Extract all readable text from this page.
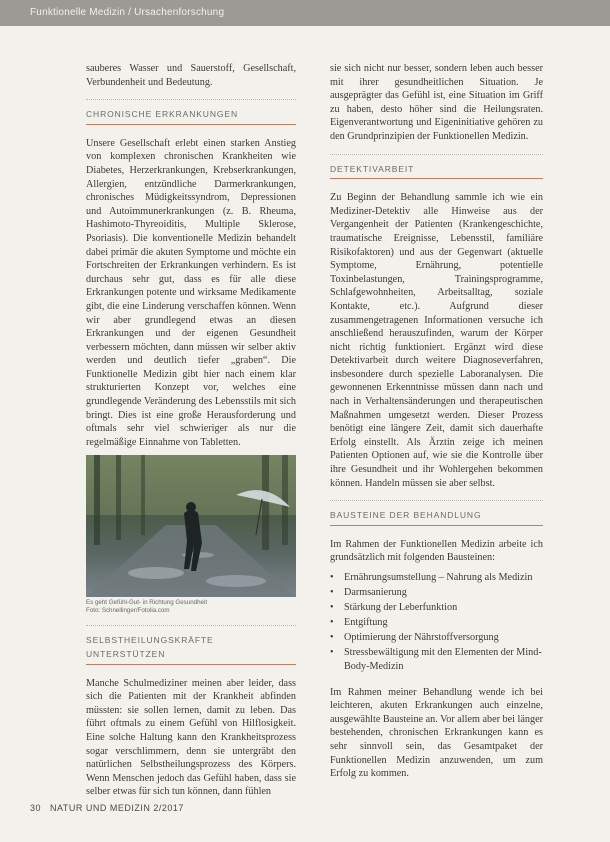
Funktionelle Medizin / Ursachenforschung

saubereѕ Wasser und Sauerstoff, Gesellschaft, Verbundenheit und Bedeutung.

CHRONISCHE ERKRANKUNGEN

Unsere Gesellschaft erlebt einen starken Anstieg von komplexen chronischen Krankheiten wie Diabetes, Herzerkrankungen, Krebserkrankungen, Allergien, entzündliche Darmerkrankungen, chronisches Müdigkeitssyndrom, Depressionen und Autoimmunerkrankungen (z. B. Rheuma, Hashimoto-Thyreoiditis, Multiple Sklerose, Psoriasis). Die konventionelle Medizin behandelt dabei primär die akuten Symptome und möchte ein Fortschreiten der Erkrankungen verhindern. Es ist durchaus sehr gut, dass es für alle diese Erkrankungen potente und wirksame Medikamente gibt, die eine Linderung verschaffen können. Wenn wir aber grundlegend etwas an diesen Erkrankungen und der eigenen Gesundheit verbessern möchten, dann müssen wir selber aktiv werden und deutlich tiefer „graben“. Die Funktionelle Medizin gibt hier nach einem klar strukturierten Konzept vor, welches eine grundlegende Veränderung des Lebensstils mit sich bringt. Dies ist eine große Herausforderung und oftmals sehr viel schwieriger als nur die regelmäßige Einnahme von Tabletten.

Es geht Gefühl-Gut- in Richtung Gesundheit
Foto: Schnellinger/Fotolia.com
SELBSTHEILUNGSKRÄFTE UNTERSTÜTZEN

Manche Schulmediziner meinen aber leider, dass sich die Patienten mit der Krankheit abfinden müssten: sie sollen lernen, damit zu leben. Das führt oftmals zu einem Gefühl von Hilflosigkeit. Eine solche Haltung kann den Krankheitsprozess sogar verschlimmern, denn sie untergräbt den natürlichen Selbstheilungsprozess des Körpers. Wenn Menschen jedoch das Gefühl haben, dass sie selber etwas für sich tun können, dann fühlen

sie sich nicht nur besser, sondern leben auch besser mit ihrer gesundheitlichen Situation. Je ausgeprägter das Gefühl ist, eine Situation im Griff zu haben, desto höher sind die Heilungsraten. Eigenverantwortung und Eigeninitiative gehören zu den Grundprinzipien der Funktionellen Medizin.

DETEKTIVARBEIT

Zu Beginn der Behandlung sammle ich wie ein Mediziner-Detektiv alle Hinweise aus der Vergangenheit der Patienten (Krankengeschichte, traumatische Ereignisse, Lebensstil, familiäre Risikofaktoren) und aus der Gegenwart (aktuelle Symptome, Ernährung, potentielle Toxinbelastungen, Trainingsprogramme, Schlafgewohnheiten, Arbeitsalltag, soziale Kontakte, etc.). Aufgrund dieser zusammengetragenen Informationen versuche ich anschließend herauszufinden, warum der Körper nicht richtig funktioniert. Ergänzt wird diese Detektivarbeit durch weitere Diagnoseverfahren, insbesondere durch spezielle Laboranalysen. Die gewonnenen Erkenntnisse müssen dann nach und nach in Verhaltensänderungen und therapeutischen Maßnahmen umgesetzt werden. Dieser Prozess benötigt eine längere Zeit, damit sich dauerhafte Erfolg einstellt. Als Ärztin zeige ich meinen Patienten Optionen auf, wie sie die Kontrolle über ihre Gesundheit und ihr Wohlergehen bekommen können. Handeln müssen sie aber selbst.

BAUSTEINE DER BEHANDLUNG

Im Rahmen der Funktionellen Medizin arbeite ich grundsätzlich mit folgenden Bausteinen:

• Ernährungsumstellung – Nahrung als Medizin
• Darmsanierung
• Stärkung der Leberfunktion
• Entgiftung
• Optimierung der Nährstoffversorgung
• Stressbewältigung mit den Elementen der Mind-Body-Medizin

Im Rahmen meiner Behandlung wende ich bei leichteren, akuten Erkrankungen auch einzelne, ausgewählte Bausteine an. Vor allem aber bei länger bestehenden, chronischen Erkrankungen kann es sehr sinnvoll sein, das Gesamtpaket der Funktionellen Medizin anzuwenden, um zum Erfolg zu kommen.

30 NATUR UND MEDIZIN 2/2017
